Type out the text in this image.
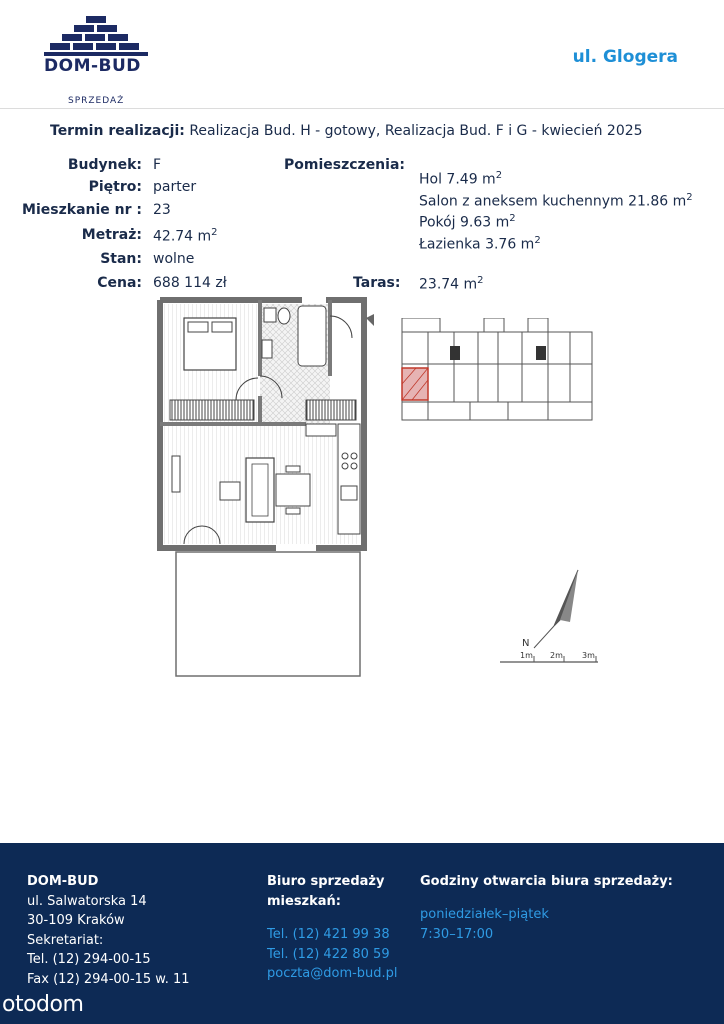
DOM-BUD
SPRZEDAŻ
ul. Glogera
Termin realizacji: Realizacja Bud. H - gotowy, Realizacja Bud. F i G - kwiecień 2025
Budynek: F
Piętro: parter
Mieszkanie nr : 23
Metraż: 42.74 $m^2$
Stan: wolne
Cena: 688 114 zł
Pomieszczenia:
Hol 7.49 $m^2$
Salon z aneksem kuchennym 21.86 $m^2$
Pokój 9.63 $m^2$
Łazienka 3.76 $m^2$
Taras: 23.74 $m^2$
N
1m 2m 3m
DOM-BUD
ul. Salwatorska 14
30-109 Kraków
Sekretariat:
Tel. (12) 294-00-15
Fax (12) 294-00-15 w. 11
Biuro sprzedaży
mieszkań:
Tel. (12) 421 99 38
Tel. (12) 422 80 59
poczta@dom-bud.pl
Godziny otwarcia biura sprzedaży:
poniedziałek–piątek
7:30–17:00
otodom
